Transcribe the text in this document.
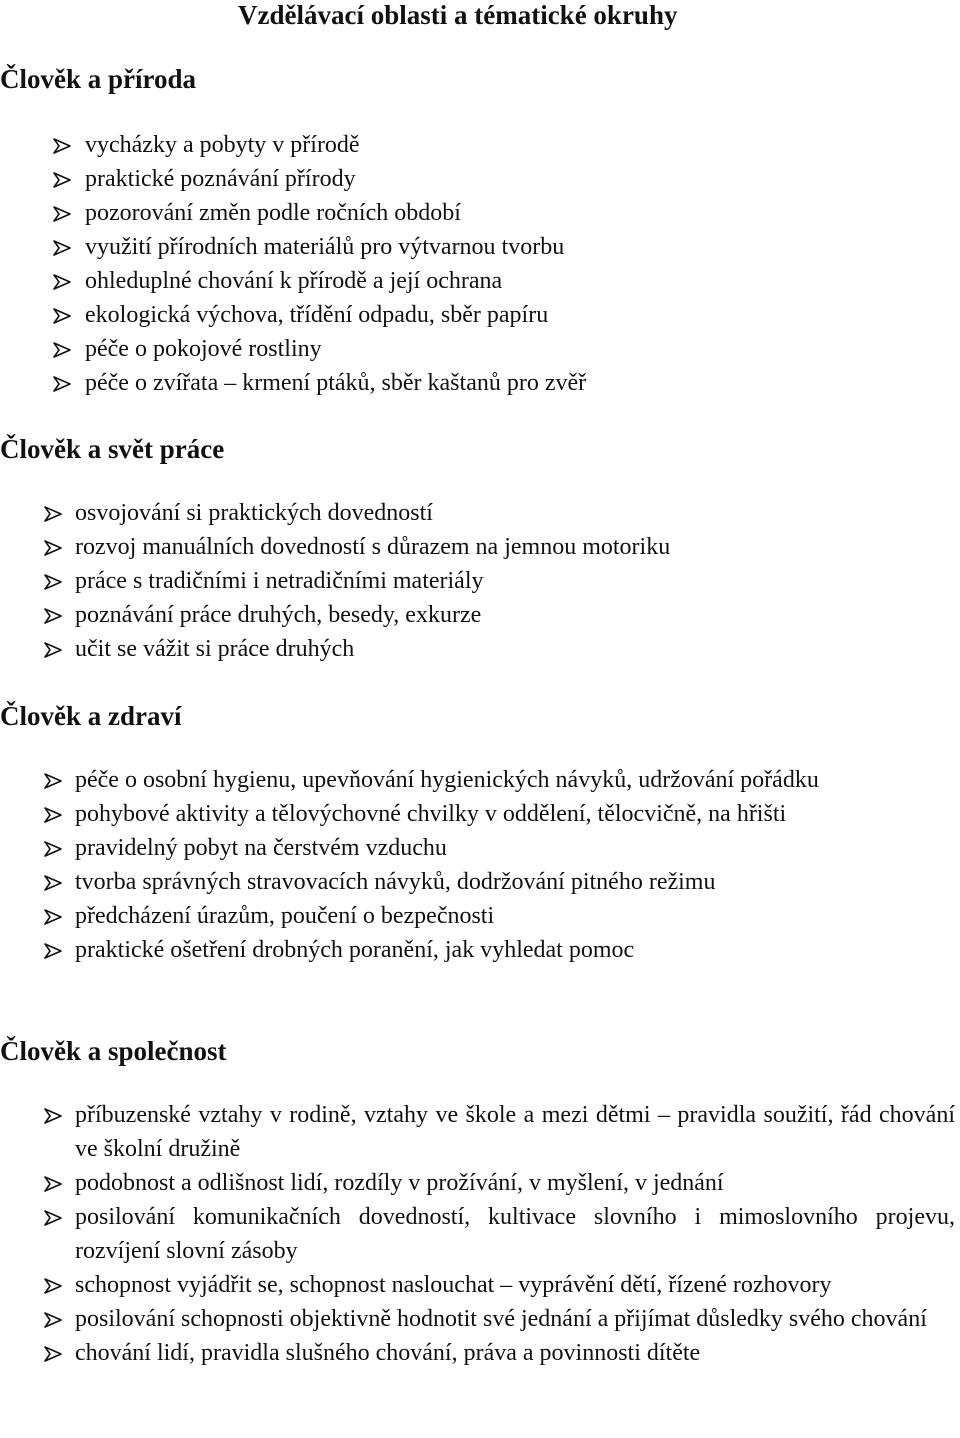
Vzdělávací oblasti a tématické okruhy
Člověk a příroda
vycházky a pobyty v přírodě
praktické poznávání přírody
pozorování změn podle ročních období
využití přírodních materiálů pro výtvarnou tvorbu
ohleduplné chování k přírodě a její ochrana
ekologická výchova, třídění odpadu, sběr papíru
péče o pokojové rostliny
péče o zvířata – krmení ptáků, sběr kaštanů pro zvěř
Člověk a svět práce
osvojování si praktických dovedností
rozvoj manuálních dovedností s důrazem na jemnou motoriku
práce s tradičními i netradičními materiály
poznávání práce druhých, besedy, exkurze
učit se vážit si práce druhých
Člověk a zdraví
péče o osobní hygienu, upevňování hygienických návyků, udržování pořádku
pohybové aktivity a tělovýchovné chvilky v oddělení, tělocvičně, na hřišti
pravidelný pobyt na čerstvém vzduchu
tvorba správných stravovacích návyků, dodržování pitného režimu
předcházení úrazům, poučení o bezpečnosti
praktické ošetření drobných poranění, jak vyhledat pomoc
Člověk a společnost
příbuzenské vztahy v rodině, vztahy ve škole a mezi dětmi – pravidla soužití, řád chování ve školní družině
podobnost a odlišnost lidí, rozdíly v prožívání, v myšlení, v jednání
posilování komunikačních dovedností, kultivace slovního i mimoslovního projevu, rozvíjení slovní zásoby
schopnost vyjádřit se, schopnost naslouchat – vyprávění dětí, řízené rozhovory
posilování schopnosti objektivně hodnotit své jednání a přijímat důsledky svého chování
chování lidí, pravidla slušného chování, práva a povinnosti dítěte
